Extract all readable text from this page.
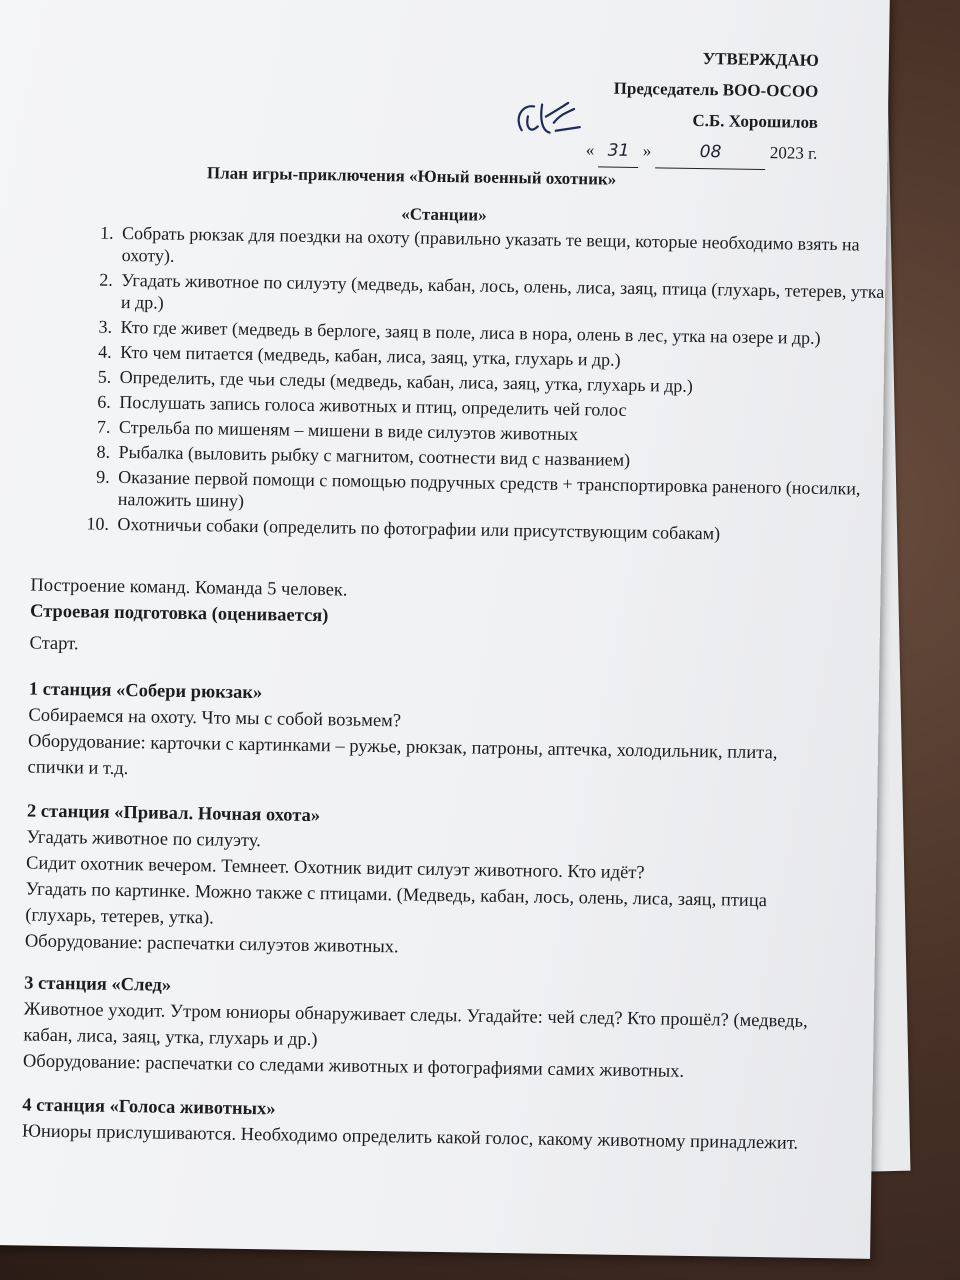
УТВЕРЖДАЮ
Председатель ВОО-ОСОО
С.Б. Хорошилов
« 31 »	08	2023 г.
План игры-приключения «Юный военный охотник»
«Станции»
1. Собрать рюкзак для поездки на охоту (правильно указать те вещи, которые необходимо взять на охоту).
2. Угадать животное по силуэту (медведь, кабан, лось, олень, лиса, заяц, птица (глухарь, тетерев, утка и др.)
3. Кто где живет (медведь в берлоге, заяц в поле, лиса в нора, олень в лес, утка на озере и др.)
4. Кто чем питается (медведь, кабан, лиса, заяц, утка, глухарь и др.)
5. Определить, где чьи следы (медведь, кабан, лиса, заяц, утка, глухарь и др.)
6. Послушать запись голоса животных и птиц, определить чей голос
7. Стрельба по мишеням – мишени в виде силуэтов животных
8. Рыбалка (выловить рыбку с магнитом, соотнести вид с названием)
9. Оказание первой помощи с помощью подручных средств + транспортировка раненого (носилки, наложить шину)
10. Охотничьи собаки (определить по фотографии или присутствующим собакам)

Построение команд. Команда 5 человек.

Строевая подготовка (оценивается)

Старт.

1 станция «Собери рюкзак»

Собираемся на охоту. Что мы с собой возьмем?

Оборудование: карточки с картинками – ружье, рюкзак, патроны, аптечка, холодильник, плита, спички и т.д.

2 станция «Привал. Ночная охота»

Угадать животное по силуэту.

Сидит охотник вечером. Темнеет. Охотник видит силуэт животного. Кто идёт?

Угадать по картинке. Можно также с птицами. (Медведь, кабан, лось, олень, лиса, заяц, птица (глухарь, тетерев, утка).

Оборудование: распечатки силуэтов животных.

3 станция «След»

Животное уходит. Утром юниоры обнаруживает следы. Угадайте: чей след? Кто прошёл? (медведь, кабан, лиса, заяц, утка, глухарь и др.)

Оборудование: распечатки со следами животных и фотографиями самих животных.

4 станция «Голоса животных»

Юниоры прислушиваются. Необходимо определить какой голос, какому животному принадлежит.
